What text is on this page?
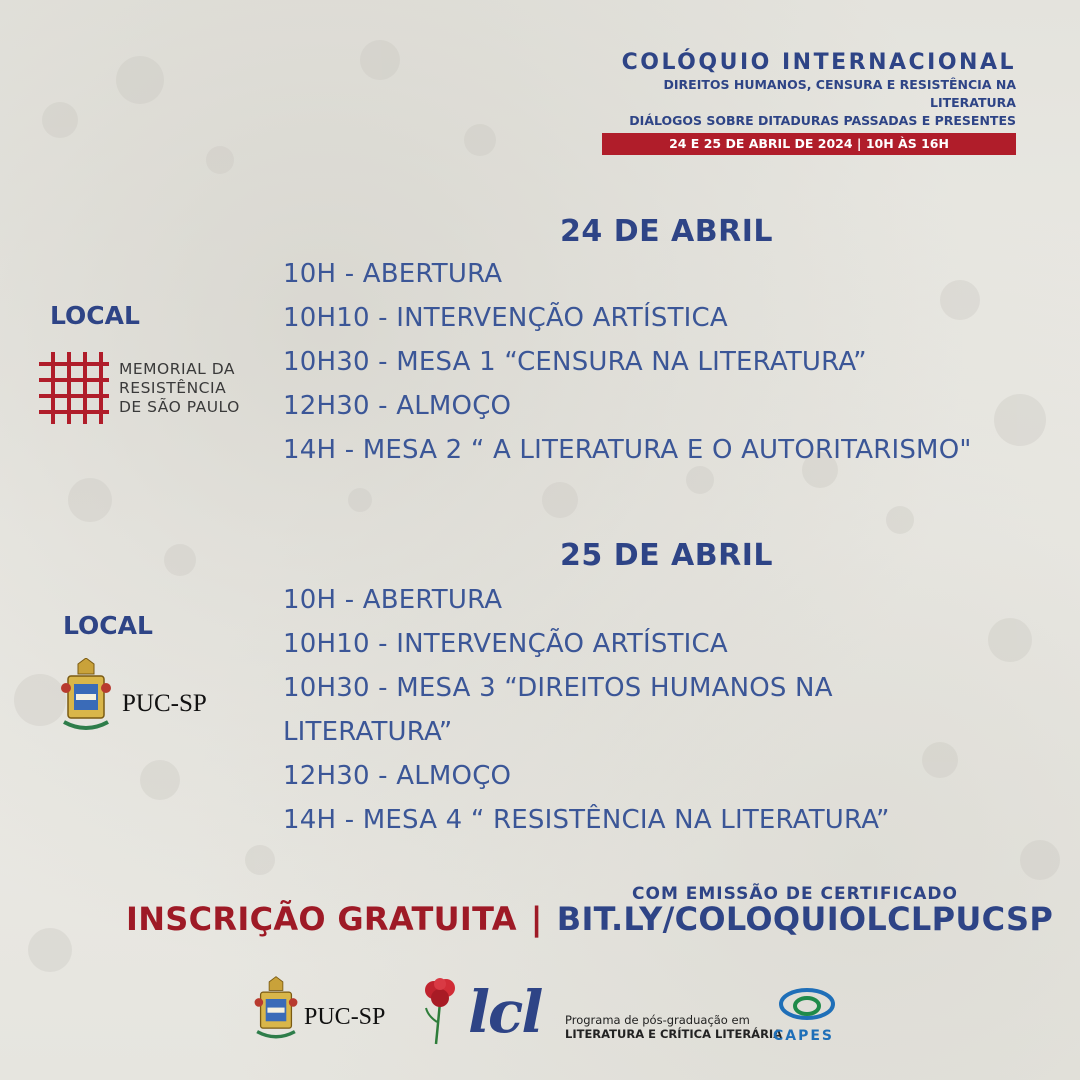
COLÓQUIO INTERNACIONAL
DIREITOS HUMANOS, CENSURA E RESISTÊNCIA NA LITERATURA
DIÁLOGOS SOBRE DITADURAS PASSADAS E PRESENTES
24 E 25 DE ABRIL DE 2024 | 10H ÀS 16H
24 DE ABRIL
LOCAL
MEMORIAL DA
RESISTÊNCIA
DE SÃO PAULO
10H - ABERTURA
10H10 - INTERVENÇÃO ARTÍSTICA
10H30 - MESA 1 “CENSURA NA LITERATURA”
12H30 - ALMOÇO
14H - MESA 2 “ A LITERATURA E O AUTORITARISMO"
25 DE ABRIL
LOCAL
PUC-SP
10H - ABERTURA
10H10 - INTERVENÇÃO ARTÍSTICA
10H30 - MESA 3 “DIREITOS HUMANOS NA
LITERATURA”
12H30 - ALMOÇO
14H - MESA 4 “ RESISTÊNCIA NA LITERATURA”
COM EMISSÃO DE CERTIFICADO
INSCRIÇÃO GRATUITA | BIT.LY/COLOQUIOLCLPUCSP
PUC-SP lcl Programa de pós-graduação em
LITERATURA E CRÍTICA LITERÁRIA
CAPES
